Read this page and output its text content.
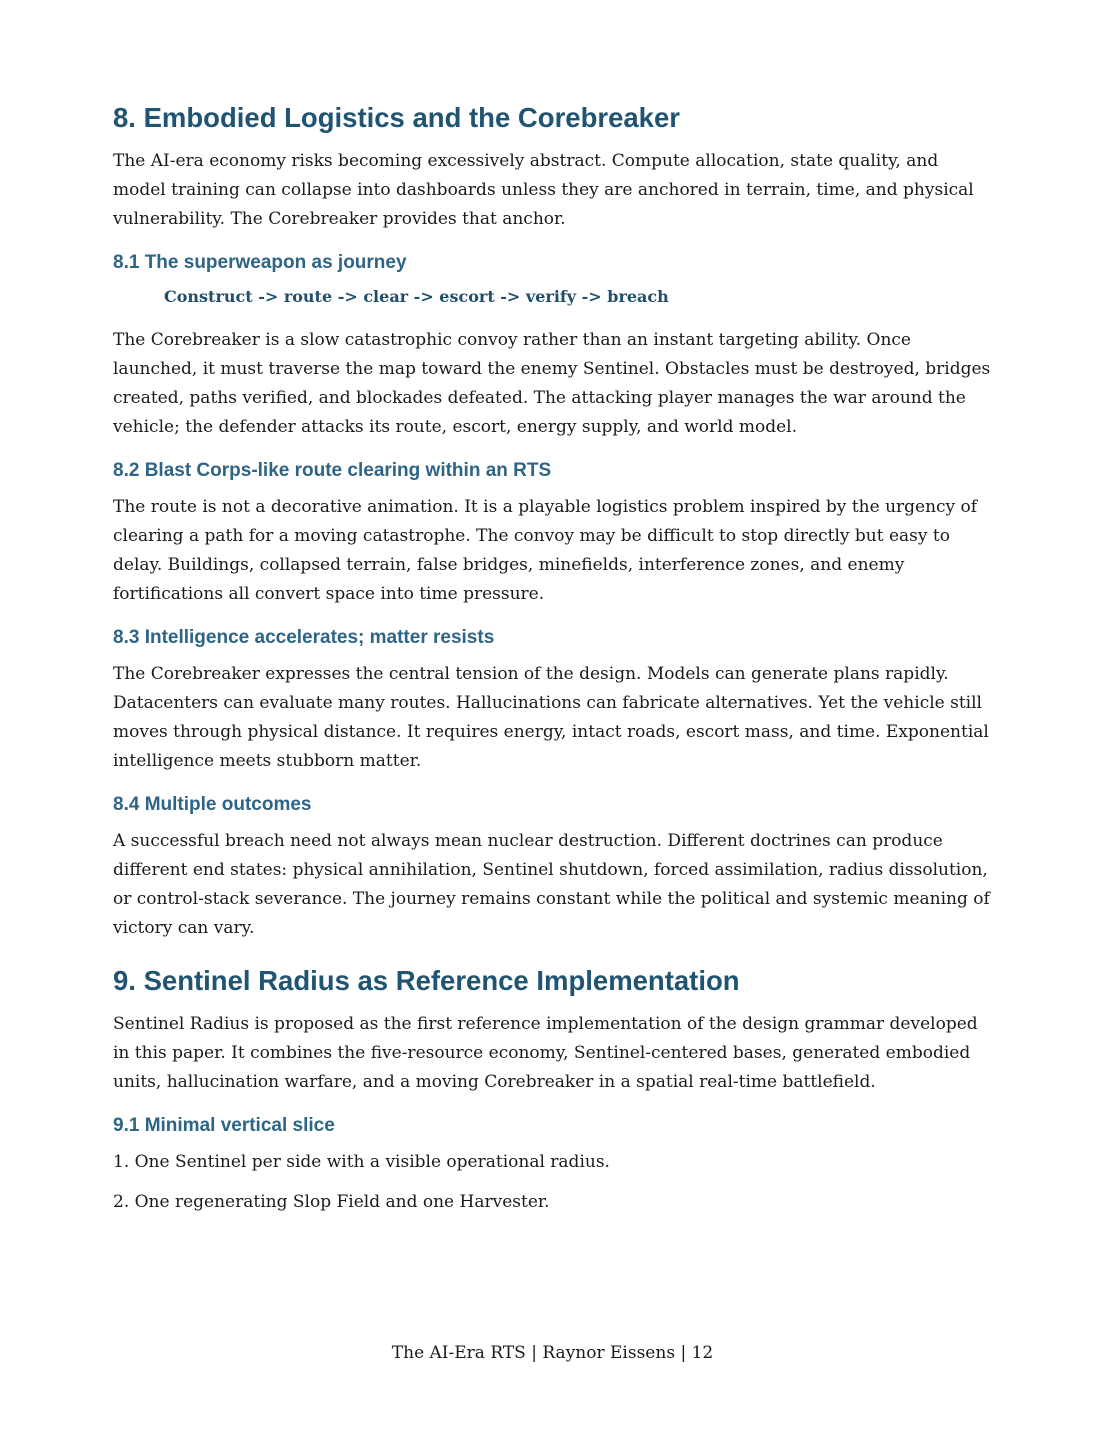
8. Embodied Logistics and the Corebreaker

The AI-era economy risks becoming excessively abstract. Compute allocation, state quality, and model training can collapse into dashboards unless they are anchored in terrain, time, and physical vulnerability. The Corebreaker provides that anchor.

8.1 The superweapon as journey
Construct -> route -> clear -> escort -> verify -> breach

The Corebreaker is a slow catastrophic convoy rather than an instant targeting ability. Once launched, it must traverse the map toward the enemy Sentinel. Obstacles must be destroyed, bridges created, paths verified, and blockades defeated. The attacking player manages the war around the vehicle; the defender attacks its route, escort, energy supply, and world model.

8.2 Blast Corps-like route clearing within an RTS

The route is not a decorative animation. It is a playable logistics problem inspired by the urgency of clearing a path for a moving catastrophe. The convoy may be difficult to stop directly but easy to delay. Buildings, collapsed terrain, false bridges, minefields, interference zones, and enemy fortifications all convert space into time pressure.

8.3 Intelligence accelerates; matter resists

The Corebreaker expresses the central tension of the design. Models can generate plans rapidly. Datacenters can evaluate many routes. Hallucinations can fabricate alternatives. Yet the vehicle still moves through physical distance. It requires energy, intact roads, escort mass, and time. Exponential intelligence meets stubborn matter.

8.4 Multiple outcomes

A successful breach need not always mean nuclear destruction. Different doctrines can produce different end states: physical annihilation, Sentinel shutdown, forced assimilation, radius dissolution, or control-stack severance. The journey remains constant while the political and systemic meaning of victory can vary.

9. Sentinel Radius as Reference Implementation

Sentinel Radius is proposed as the first reference implementation of the design grammar developed in this paper. It combines the five-resource economy, Sentinel-centered bases, generated embodied units, hallucination warfare, and a moving Corebreaker in a spatial real-time battlefield.

9.1 Minimal vertical slice

1. One Sentinel per side with a visible operational radius.

2. One regenerating Slop Field and one Harvester.

The AI-Era RTS | Raynor Eissens | 12
